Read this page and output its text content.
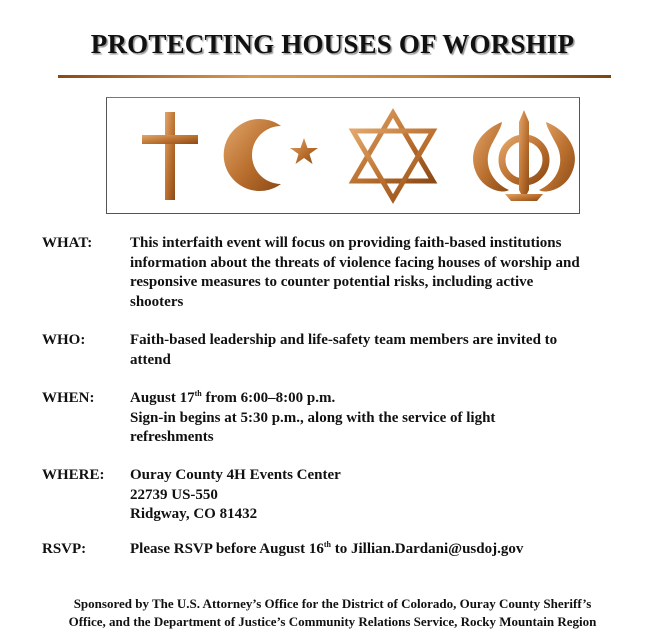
PROTECTING HOUSES OF WORSHIP
WHAT:	This interfaith event will focus on providing faith-based institutions
information about the threats of violence facing houses of worship and
responsive measures to counter potential risks, including active
shooters
WHO:	Faith-based leadership and life-safety team members are invited to
attend
WHEN: August 17th from 6:00–8:00 p.m.
Sign-in begins at 5:30 p.m., along with the service of light
refreshments
WHERE: Ouray County 4H Events Center
22739 US-550
Ridgway, CO 81432
RSVP:	Please RSVP before August 16th to Jillian.Dardani@usdoj.gov
Sponsored by The U.S. Attorney’s Office for the District of Colorado, Ouray County Sheriff’s
Office, and the Department of Justice’s Community Relations Service, Rocky Mountain Region
